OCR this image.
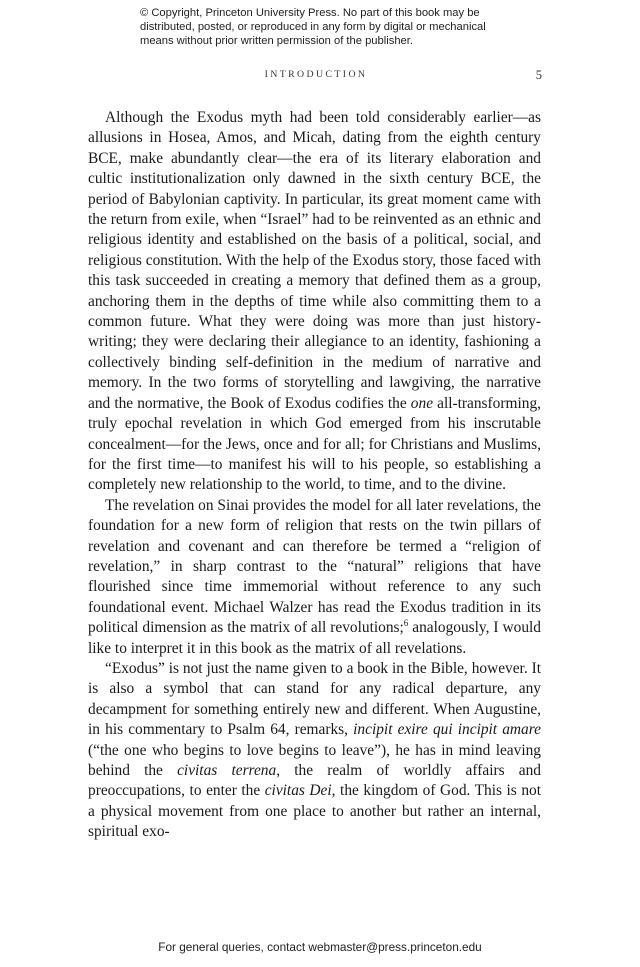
© Copyright, Princeton University Press. No part of this book may be
distributed, posted, or reproduced in any form by digital or mechanical
means without prior written permission of the publisher.
INTRODUCTION	5

Although the Exodus myth had been told considerably earlier—as allusions in Hosea, Amos, and Micah, dating from the eighth century BCE, make abundantly clear—the era of its literary elaboration and cultic institutionalization only dawned in the sixth century BCE, the period of Babylonian captivity. In particular, its great moment came with the return from exile, when “Israel” had to be reinvented as an ethnic and religious identity and established on the basis of a political, social, and religious constitution. With the help of the Exodus story, those faced with this task succeeded in creating a memory that defined them as a group, anchoring them in the depths of time while also committing them to a common future. What they were doing was more than just history-writing; they were declaring their allegiance to an identity, fashioning a collectively binding self-definition in the medium of narrative and memory. In the two forms of storytelling and lawgiving, the narrative and the normative, the Book of Exodus codifies the one all-transforming, truly epochal revelation in which God emerged from his inscrutable concealment—for the Jews, once and for all; for Christians and Muslims, for the first time—to manifest his will to his people, so establishing a completely new relationship to the world, to time, and to the divine.

The revelation on Sinai provides the model for all later revelations, the foundation for a new form of religion that rests on the twin pillars of revelation and covenant and can therefore be termed a “religion of revelation,” in sharp contrast to the “natural” religions that have flourished since time immemorial without reference to any such foundational event. Michael Walzer has read the Exodus tradition in its political dimension as the matrix of all revolutions;$^6$ analogously, I would like to interpret it in this book as the matrix of all revelations.

“Exodus” is not just the name given to a book in the Bible, however. It is also a symbol that can stand for any radical departure, any decampment for something entirely new and different. When Augustine, in his commentary to Psalm 64, remarks, incipit exire qui incipit amare (“the one who begins to love begins to leave”), he has in mind leaving behind the civitas terrena, the realm of worldly affairs and preoccupations, to enter the civitas Dei, the kingdom of God. This is not a physical movement from one place to another but rather an internal, spiritual exo-

For general queries, contact webmaster@press.princeton.edu
